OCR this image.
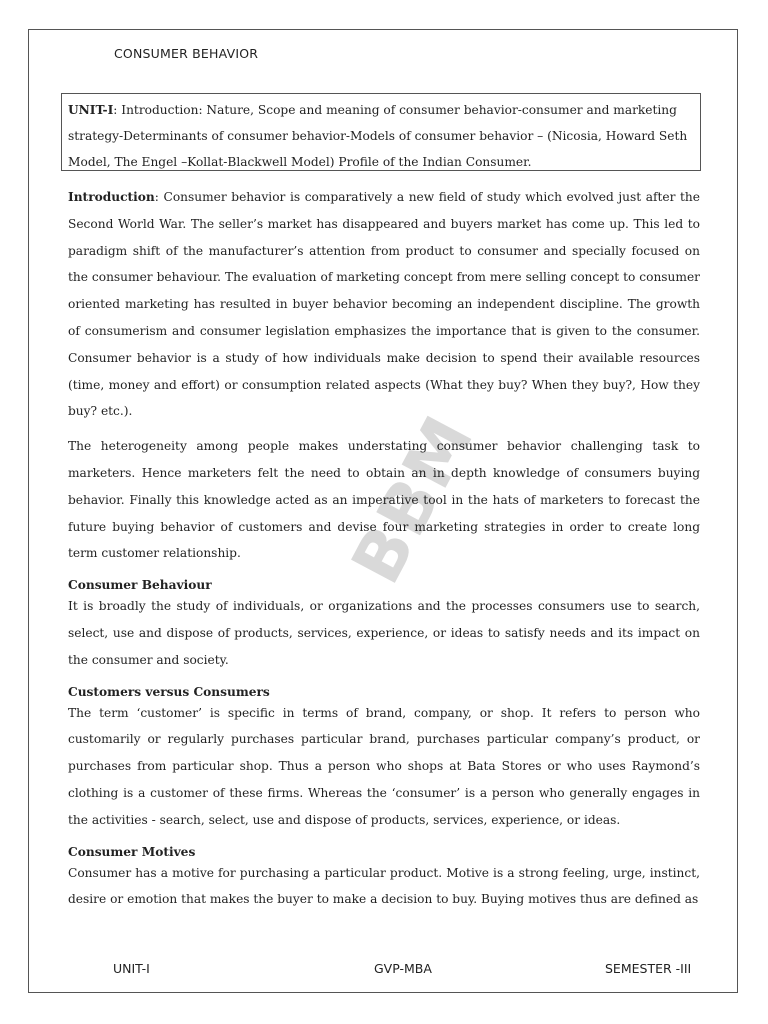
CONSUMER BEHAVIOR
UNIT-I: Introduction: Nature, Scope and meaning of consumer behavior-consumer and marketing strategy-Determinants of consumer behavior-Models of consumer behavior – (Nicosia, Howard Seth Model, The Engel –Kollat-Blackwell Model) Profile of the Indian Consumer.
BBM

Introduction: Consumer behavior is comparatively a new field of study which evolved just after the Second World War. The seller’s market has disappeared and buyers market has come up. This led to paradigm shift of the manufacturer’s attention from product to consumer and specially focused on the consumer behaviour. The evaluation of marketing concept from mere selling concept to consumer oriented marketing has resulted in buyer behavior becoming an independent discipline. The growth of consumerism and consumer legislation emphasizes the importance that is given to the consumer. Consumer behavior is a study of how individuals make decision to spend their available resources (time, money and effort) or consumption related aspects (What they buy? When they buy?, How they buy? etc.).

The heterogeneity among people makes understating consumer behavior challenging task to marketers. Hence marketers felt the need to obtain an in depth knowledge of consumers buying behavior. Finally this knowledge acted as an imperative tool in the hats of marketers to forecast the future buying behavior of customers and devise four marketing strategies in order to create long term customer relationship.

Consumer Behaviour

It is broadly the study of individuals, or organizations and the processes consumers use to search, select, use and dispose of products, services, experience, or ideas to satisfy needs and its impact on the consumer and society.

Customers versus Consumers

The term ‘customer’ is specific in terms of brand, company, or shop. It refers to person who customarily or regularly purchases particular brand, purchases particular company’s product, or purchases from particular shop. Thus a person who shops at Bata Stores or who uses Raymond’s clothing is a customer of these firms. Whereas the ‘consumer’ is a person who generally engages in the activities - search, select, use and dispose of products, services, experience, or ideas.

Consumer Motives

Consumer has a motive for purchasing a particular product. Motive is a strong feeling, urge, instinct, desire or emotion that makes the buyer to make a decision to buy. Buying motives thus are defined as

UNIT-I	GVP-MBA	SEMESTER -III
